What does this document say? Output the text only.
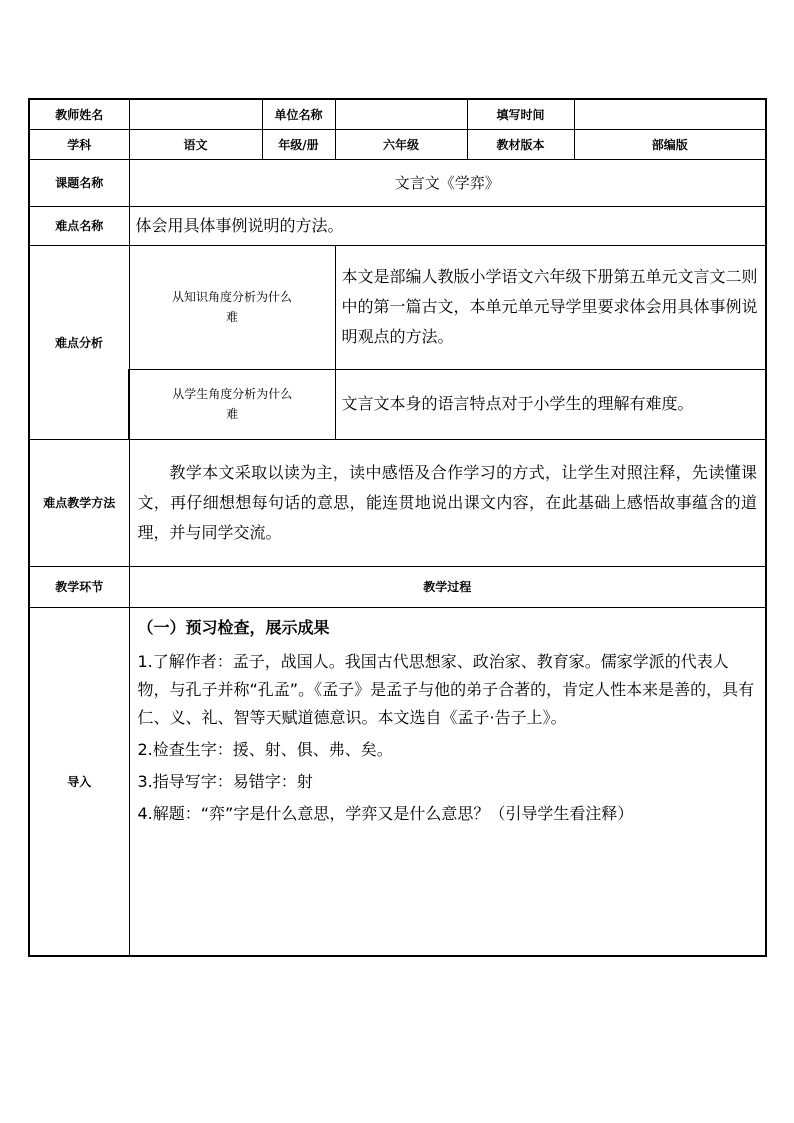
教师姓名		单位名称		填写时间	
学科	语文	年级/册	六年级	教材版本	部编版
课题名称	文言文《学弈》				
难点名称	体会用具体事例说明的方法。				
难点分析	从知识角度分析为什么难		本文是部编人教版小学语文六年级下册第五单元文言文二则中的第一篇古文，本单元单元导学里要求体会用具体事例说明观点的方法。		

	从学生角度分析为什么难		文言文本身的语言特点对于小学生的理解有难度。		
难点教学方法	教学本文采取以读为主，读中感悟及合作学习的方式，让学生对照注释，先读懂课文，再仔细想想每句话的意思，能连贯地说出课文内容，在此基础上感悟故事蕴含的道理，并与同学交流。				
教学环节	教学过程				
导入	（一）预习检查，展示成果

1.了解作者：孟子，战国人。我国古代思想家、政治家、教育家。儒家学派的代表人物，与孔子并称“孔孟”。《孟子》是孟子与他的弟子合著的，肯定人性本来是善的，具有仁、义、礼、智等天赋道德意识。本文选自《孟子·告子上》。

2.检查生字：援、射、俱、弗、矣。

3.指导写字：易错字：射

4.解题：“弈”字是什么意思，学弈又是什么意思？（引导学生看注释）				
